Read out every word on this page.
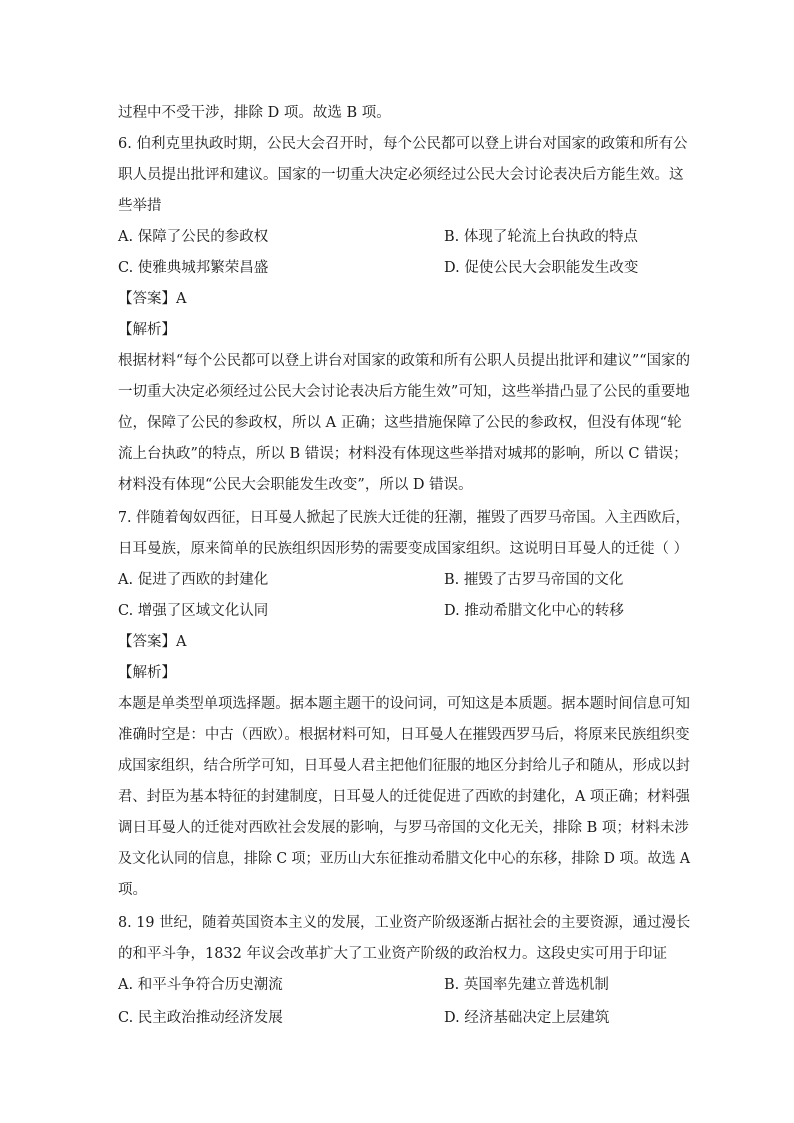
过程中不受干涉，排除 D 项。故选 B 项。
6. 伯利克里执政时期，公民大会召开时，每个公民都可以登上讲台对国家的政策和所有公
职人员提出批评和建议。国家的一切重大决定必须经过公民大会讨论表决后方能生效。这
些举措
A. 保障了公民的参政权	B. 体现了轮流上台执政的特点
C. 使雅典城邦繁荣昌盛	D. 促使公民大会职能发生改变
【答案】A
【解析】
根据材料“每个公民都可以登上讲台对国家的政策和所有公职人员提出批评和建议”“国家的
一切重大决定必须经过公民大会讨论表决后方能生效”可知，这些举措凸显了公民的重要地
位，保障了公民的参政权，所以 A 正确；这些措施保障了公民的参政权，但没有体现“轮
流上台执政”的特点，所以 B 错误；材料没有体现这些举措对城邦的影响，所以 C 错误；
材料没有体现“公民大会职能发生改变”，所以 D 错误。
7. 伴随着匈奴西征，日耳曼人掀起了民族大迁徙的狂潮，摧毁了西罗马帝国。入主西欧后，
日耳曼族，原来简单的民族组织因形势的需要变成国家组织。这说明日耳曼人的迁徙（ ）
A. 促进了西欧的封建化	B. 摧毁了古罗马帝国的文化
C. 增强了区域文化认同	D. 推动希腊文化中心的转移
【答案】A
【解析】
本题是单类型单项选择题。据本题主题干的设问词，可知这是本质题。据本题时间信息可知
准确时空是：中古（西欧）。根据材料可知，日耳曼人在摧毁西罗马后，将原来民族组织变
成国家组织，结合所学可知，日耳曼人君主把他们征服的地区分封给儿子和随从，形成以封
君、封臣为基本特征的封建制度，日耳曼人的迁徙促进了西欧的封建化，A 项正确；材料强
调日耳曼人的迁徙对西欧社会发展的影响，与罗马帝国的文化无关，排除 B 项；材料未涉
及文化认同的信息，排除 C 项；亚历山大东征推动希腊文化中心的东移，排除 D 项。故选 A
项。
8. 19 世纪，随着英国资本主义的发展，工业资产阶级逐渐占据社会的主要资源，通过漫长
的和平斗争，1832 年议会改革扩大了工业资产阶级的政治权力。这段史实可用于印证
A. 和平斗争符合历史潮流	B. 英国率先建立普选机制
C. 民主政治推动经济发展	D. 经济基础决定上层建筑
